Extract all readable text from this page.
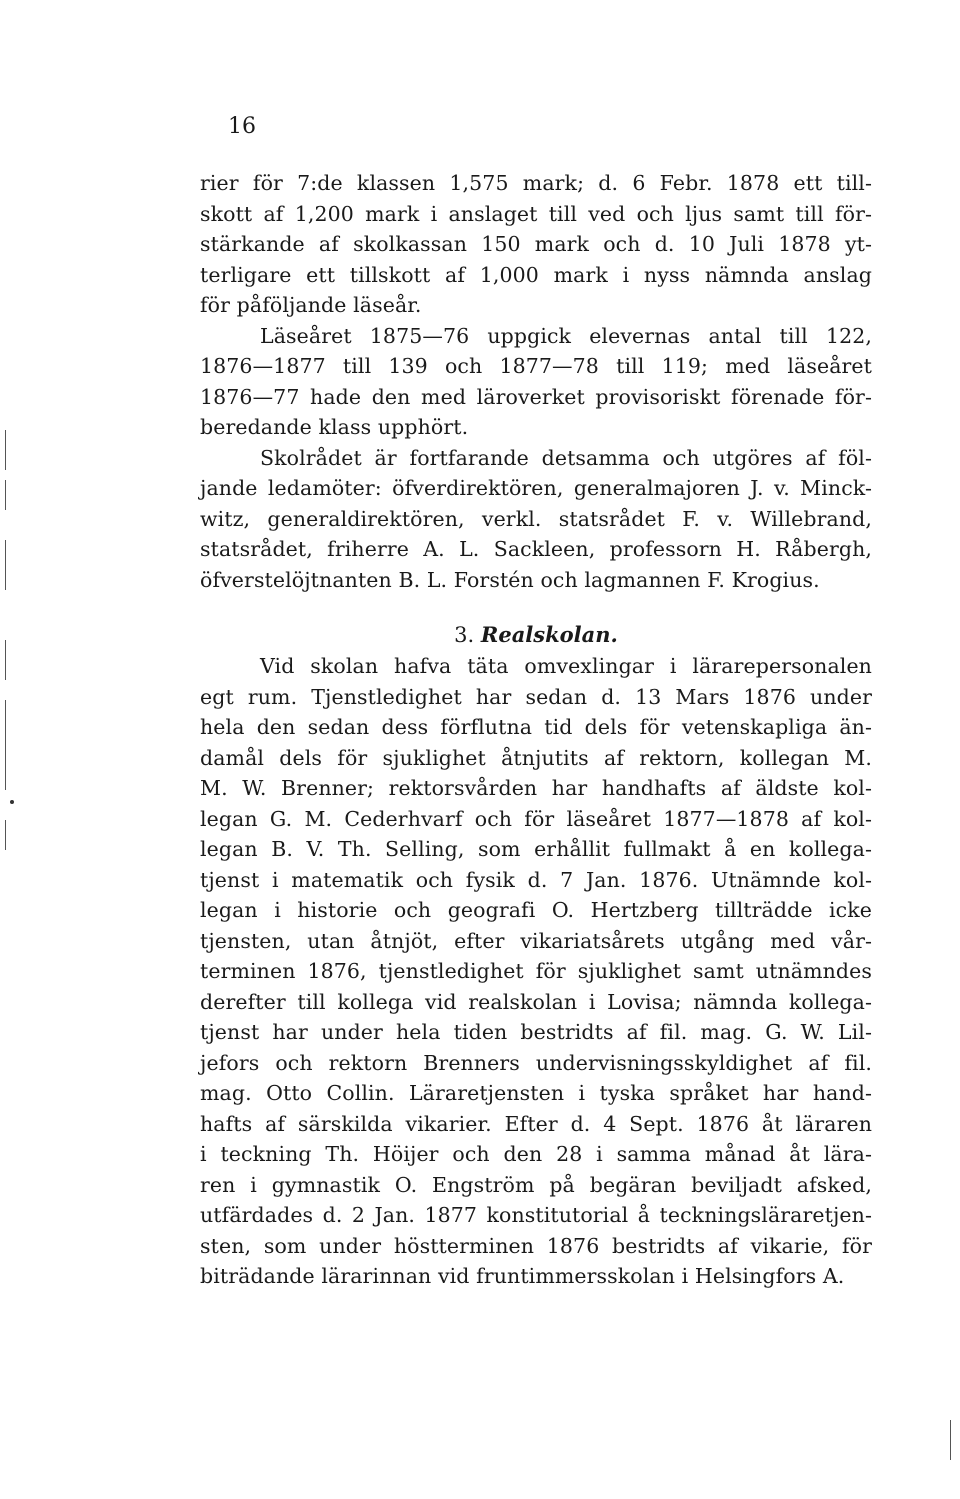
16
rier för 7:de klassen 1,575 mark; d. 6 Febr. 1878 ett till-
skott af 1,200 mark i anslaget till ved och ljus samt till för-
stärkande af skolkassan 150 mark och d. 10 Juli 1878 yt-
terligare ett tillskott af 1,000 mark i nyss nämnda anslag
för påföljande läseår.
Läseåret 1875—76 uppgick elevernas antal till 122,
1876—1877 till 139 och 1877—78 till 119; med läseåret
1876—77 hade den med läroverket provisoriskt förenade för-
beredande klass upphört.
Skolrådet är fortfarande detsamma och utgöres af föl-
jande ledamöter: öfverdirektören, generalmajoren J. v. Minck-
witz, generaldirektören, verkl. statsrådet F. v. Willebrand,
statsrådet, friherre A. L. Sackleen, professorn H. Råbergh,
öfverstelöjtnanten B. L. Forstén och lagmannen F. Krogius.
3. Realskolan.
Vid skolan hafva täta omvexlingar i lärarepersonalen
egt rum. Tjenstledighet har sedan d. 13 Mars 1876 under
hela den sedan dess förflutna tid dels för vetenskapliga än-
damål dels för sjuklighet åtnjutits af rektorn, kollegan M.
M. W. Brenner; rektorsvården har handhafts af äldste kol-
legan G. M. Cederhvarf och för läseåret 1877—1878 af kol-
legan B. V. Th. Selling, som erhållit fullmakt å en kollega-
tjenst i matematik och fysik d. 7 Jan. 1876. Utnämnde kol-
legan i historie och geografi O. Hertzberg tillträdde icke
tjensten, utan åtnjöt, efter vikariatsårets utgång med vår-
terminen 1876, tjenstledighet för sjuklighet samt utnämndes
derefter till kollega vid realskolan i Lovisa; nämnda kollega-
tjenst har under hela tiden bestridts af fil. mag. G. W. Lil-
jefors och rektorn Brenners undervisningsskyldighet af fil.
mag. Otto Collin. Läraretjensten i tyska språket har hand-
hafts af särskilda vikarier. Efter d. 4 Sept. 1876 åt läraren
i teckning Th. Höijer och den 28 i samma månad åt lära-
ren i gymnastik O. Engström på begäran beviljadt afsked,
utfärdades d. 2 Jan. 1877 konstitutorial å teckningsläraretjen-
sten, som under höstterminen 1876 bestridts af vikarie, för
biträdande lärarinnan vid fruntimmersskolan i Helsingfors A.
